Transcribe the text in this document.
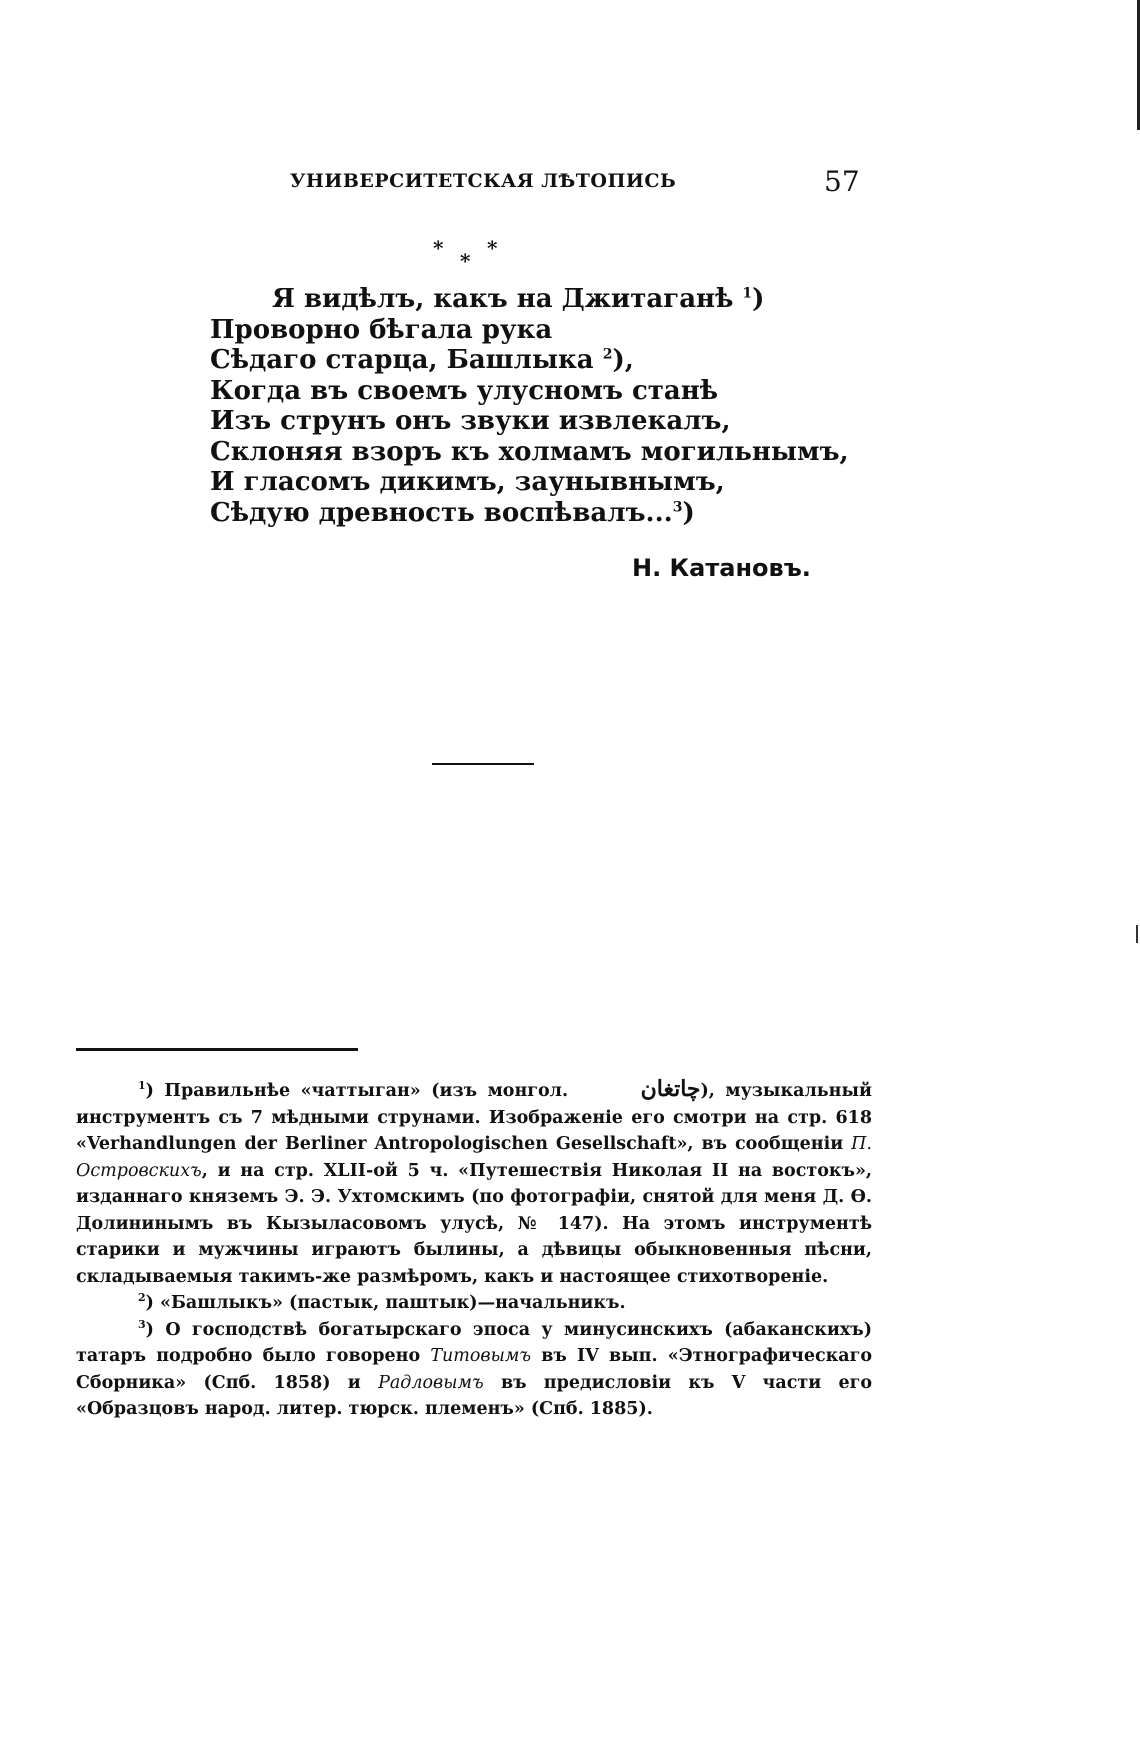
УНИВЕРСИТЕТСКАЯ ЛѢТОПИСЬ	57
*
*
*
Я видѣлъ, какъ на Джитаганѣ $^1$)
Проворно бѣгала рука
Сѣдаго старца, Башлыка $^2$),
Когда въ своемъ улусномъ станѣ
Изъ струнъ онъ звуки извлекалъ,
Склоняя взоръ къ холмамъ могильнымъ,
И гласомъ дикимъ, заунывнымъ,
Сѣдую древность воспѣвалъ...$^3$)
Н. Катановъ.

$^1$) Правильнѣе «чаттыган» (изъ монгол.	ﭼﺎﺗﻐﺎﻥ), музыкальный инструментъ съ 7 мѣдными струнами. Изображеніе его смотри на стр. 618 «Verhandlungen der Berliner Antropologischen Gesellschaft», въ сообщеніи П. Островскихъ, и на стр. XLII-ой 5 ч. «Путешествія Николая II на востокъ», изданнаго княземъ Э. Э. Ухтомскимъ (по фотографіи, снятой для меня Д. Ѳ. Долининымъ въ Кызыласовомъ улусѣ, № 147). На этомъ инструментѣ старики и мужчины играютъ былины, а дѣвицы обыкновенныя пѣсни, складываемыя такимъ-же размѣромъ, какъ и настоящее стихотвореніе.

$^2$) «Башлыкъ» (пастык, паштык)—начальникъ.

$^3$) О господствѣ богатырскаго эпоса у минусинскихъ (абаканскихъ) татаръ подробно было говорено Титовымъ въ IV вып. «Этнографическаго Сборника» (Спб. 1858) и Радловымъ въ предисловіи къ V части его «Образцовъ народ. литер. тюрск. племенъ» (Спб. 1885).
